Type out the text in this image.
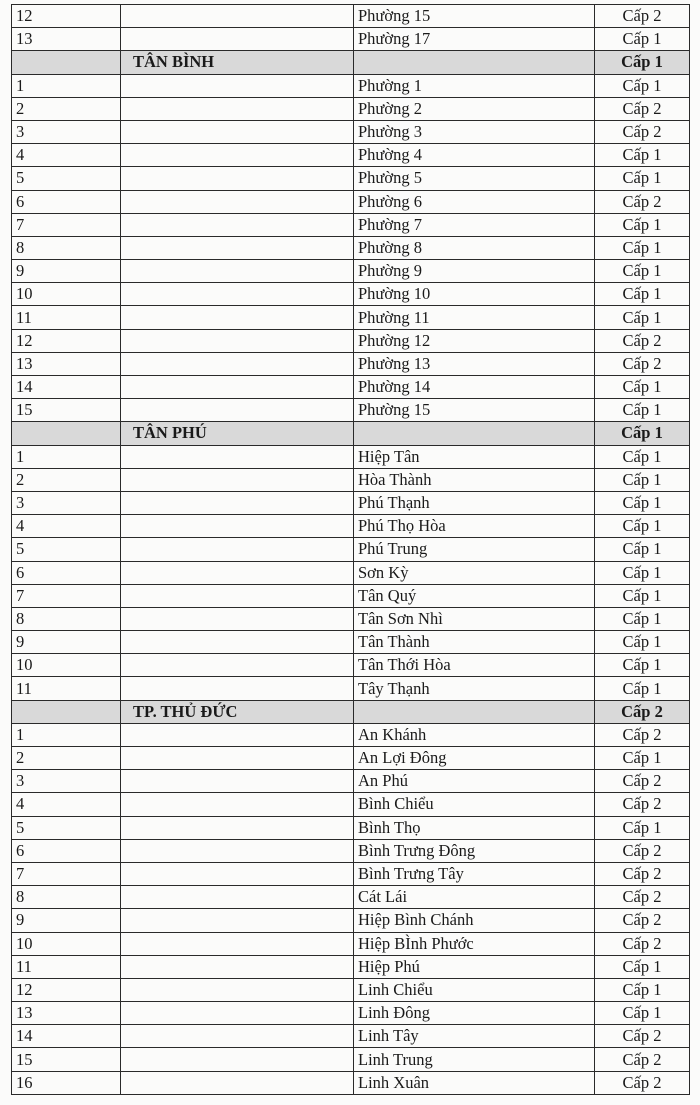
12		Phường 15	Cấp 2
13		Phường 17	Cấp 1
	TÂN BÌNH		Cấp 1
1		Phường 1	Cấp 1
2		Phường 2	Cấp 2
3		Phường 3	Cấp 2
4		Phường 4	Cấp 1
5		Phường 5	Cấp 1
6		Phường 6	Cấp 2
7		Phường 7	Cấp 1
8		Phường 8	Cấp 1
9		Phường 9	Cấp 1
10		Phường 10	Cấp 1
11		Phường 11	Cấp 1
12		Phường 12	Cấp 2
13		Phường 13	Cấp 2
14		Phường 14	Cấp 1
15		Phường 15	Cấp 1
	TÂN PHÚ		Cấp 1
1		Hiệp Tân	Cấp 1
2		Hòa Thành	Cấp 1
3		Phú Thạnh	Cấp 1
4		Phú Thọ Hòa	Cấp 1
5		Phú Trung	Cấp 1
6		Sơn Kỳ	Cấp 1
7		Tân Quý	Cấp 1
8		Tân Sơn Nhì	Cấp 1
9		Tân Thành	Cấp 1
10		Tân Thới Hòa	Cấp 1
11		Tây Thạnh	Cấp 1
	TP. THỦ ĐỨC		Cấp 2
1		An Khánh	Cấp 2
2		An Lợi Đông	Cấp 1
3		An Phú	Cấp 2
4		Bình Chiểu	Cấp 2
5		Bình Thọ	Cấp 1
6		Bình Trưng Đông	Cấp 2
7		Bình Trưng Tây	Cấp 2
8		Cát Lái	Cấp 2
9		Hiệp Bình Chánh	Cấp 2
10		Hiệp BÌnh Phước	Cấp 2
11		Hiệp Phú	Cấp 1
12		Linh Chiểu	Cấp 1
13		Linh Đông	Cấp 1
14		Linh Tây	Cấp 2
15		Linh Trung	Cấp 2
16		Linh Xuân	Cấp 2
